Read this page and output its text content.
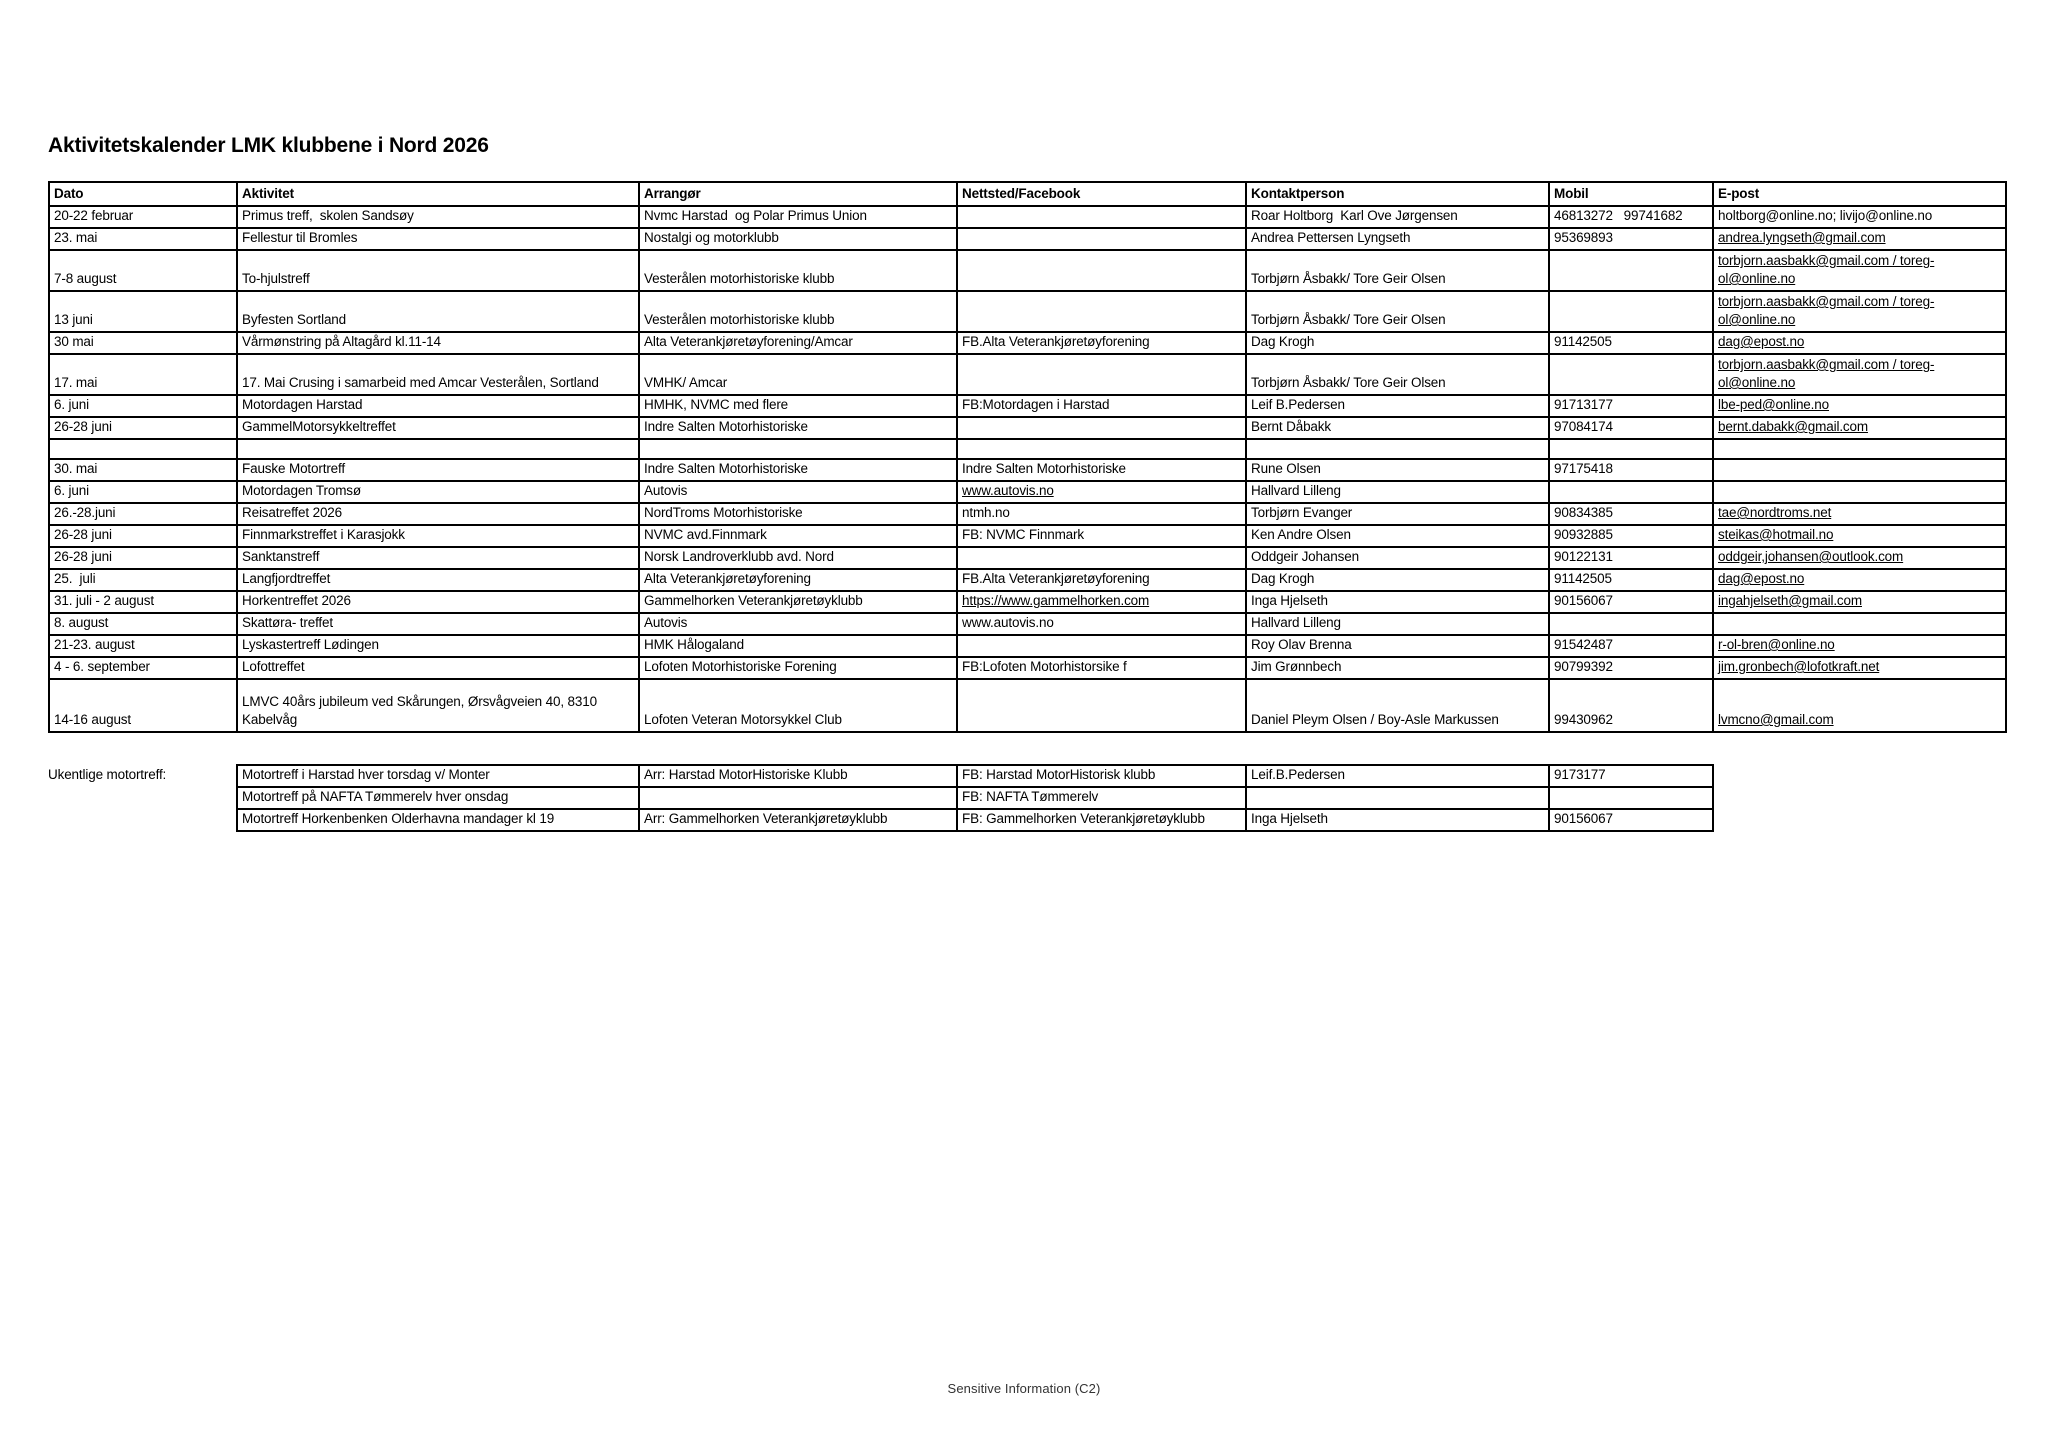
Aktivitetskalender LMK klubbene i Nord 2026
Dato	Aktivitet	Arrangør	Nettsted/Facebook	Kontaktperson	Mobil	E-post
20-22 februar	Primus treff,  skolen Sandsøy	Nvmc Harstad  og Polar Primus Union		Roar Holtborg  Karl Ove Jørgensen	46813272   99741682	holtborg@online.no; livijo@online.no
23. mai	Fellestur til Bromles	Nostalgi og motorklubb		Andrea Pettersen Lyngseth	95369893	andrea.lyngseth@gmail.com
7-8 august	To-hjulstreff	Vesterålen motorhistoriske klubb		Torbjørn Åsbakk/ Tore Geir Olsen		torbjorn.aasbakk@gmail.com / toreg-ol@online.no
13 juni	Byfesten Sortland	Vesterålen motorhistoriske klubb		Torbjørn Åsbakk/ Tore Geir Olsen		torbjorn.aasbakk@gmail.com / toreg-ol@online.no
30 mai	Vårmønstring på Altagård kl.11-14	Alta Veterankjøretøyforening/Amcar	FB.Alta Veterankjøretøyforening	Dag Krogh	91142505	dag@epost.no
17. mai	17. Mai Crusing i samarbeid med Amcar Vesterålen, Sortland	VMHK/ Amcar		Torbjørn Åsbakk/ Tore Geir Olsen		torbjorn.aasbakk@gmail.com / toreg-ol@online.no
6. juni	Motordagen Harstad	HMHK, NVMC med flere	FB:Motordagen i Harstad	Leif B.Pedersen	91713177	lbe-ped@online.no
26-28 juni	GammelMotorsykkeltreffet	Indre Salten Motorhistoriske		Bernt Dåbakk	97084174	bernt.dabakk@gmail.com

30. mai	Fauske Motortreff	Indre Salten Motorhistoriske	Indre Salten Motorhistoriske	Rune Olsen	97175418	
6. juni	Motordagen Tromsø	Autovis	www.autovis.no	Hallvard Lilleng		
26.-28.juni	Reisatreffet 2026	NordTroms Motorhistoriske	ntmh.no	Torbjørn Evanger	90834385	tae@nordtroms.net
26-28 juni	Finnmarkstreffet i Karasjokk	NVMC avd.Finnmark	FB: NVMC Finnmark	Ken Andre Olsen	90932885	steikas@hotmail.no
26-28 juni	Sanktanstreff	Norsk Landroverklubb avd. Nord		Oddgeir Johansen	90122131	oddgeir,johansen@outlook.com
25.  juli	Langfjordtreffet	Alta Veterankjøretøyforening	FB.Alta Veterankjøretøyforening	Dag Krogh	91142505	dag@epost.no
31. juli - 2 august	Horkentreffet 2026	Gammelhorken Veterankjøretøyklubb	https://www.gammelhorken.com	Inga Hjelseth	90156067	ingahjelseth@gmail.com
8. august	Skattøra- treffet	Autovis	www.autovis.no	Hallvard Lilleng		
21-23. august	Lyskastertreff Lødingen	HMK Hålogaland		Roy Olav Brenna	91542487	r-ol-bren@online.no
4 - 6. september	Lofottreffet	Lofoten Motorhistoriske Forening	FB:Lofoten Motorhistorsike f	Jim Grønnbech	90799392	jim.gronbech@lofotkraft.net
14-16 august	LMVC 40års jubileum ved Skårungen, Ørsvågveien 40, 8310 Kabelvåg	Lofoten Veteran Motorsykkel Club		Daniel Pleym Olsen / Boy-Asle Markussen	99430962	lvmcno@gmail.com
Ukentlige motortreff:	Motortreff i Harstad hver torsdag v/ Monter	Arr: Harstad MotorHistoriske Klubb	FB: Harstad MotorHistorisk klubb	Leif.B.Pedersen	9173177
Motortreff på NAFTA Tømmerelv hver onsdag		FB: NAFTA Tømmerelv		
Motortreff Horkenbenken Olderhavna mandager kl 19	Arr: Gammelhorken Veterankjøretøyklubb	FB: Gammelhorken Veterankjøretøyklubb	Inga Hjelseth	90156067
Sensitive Information (C2)
